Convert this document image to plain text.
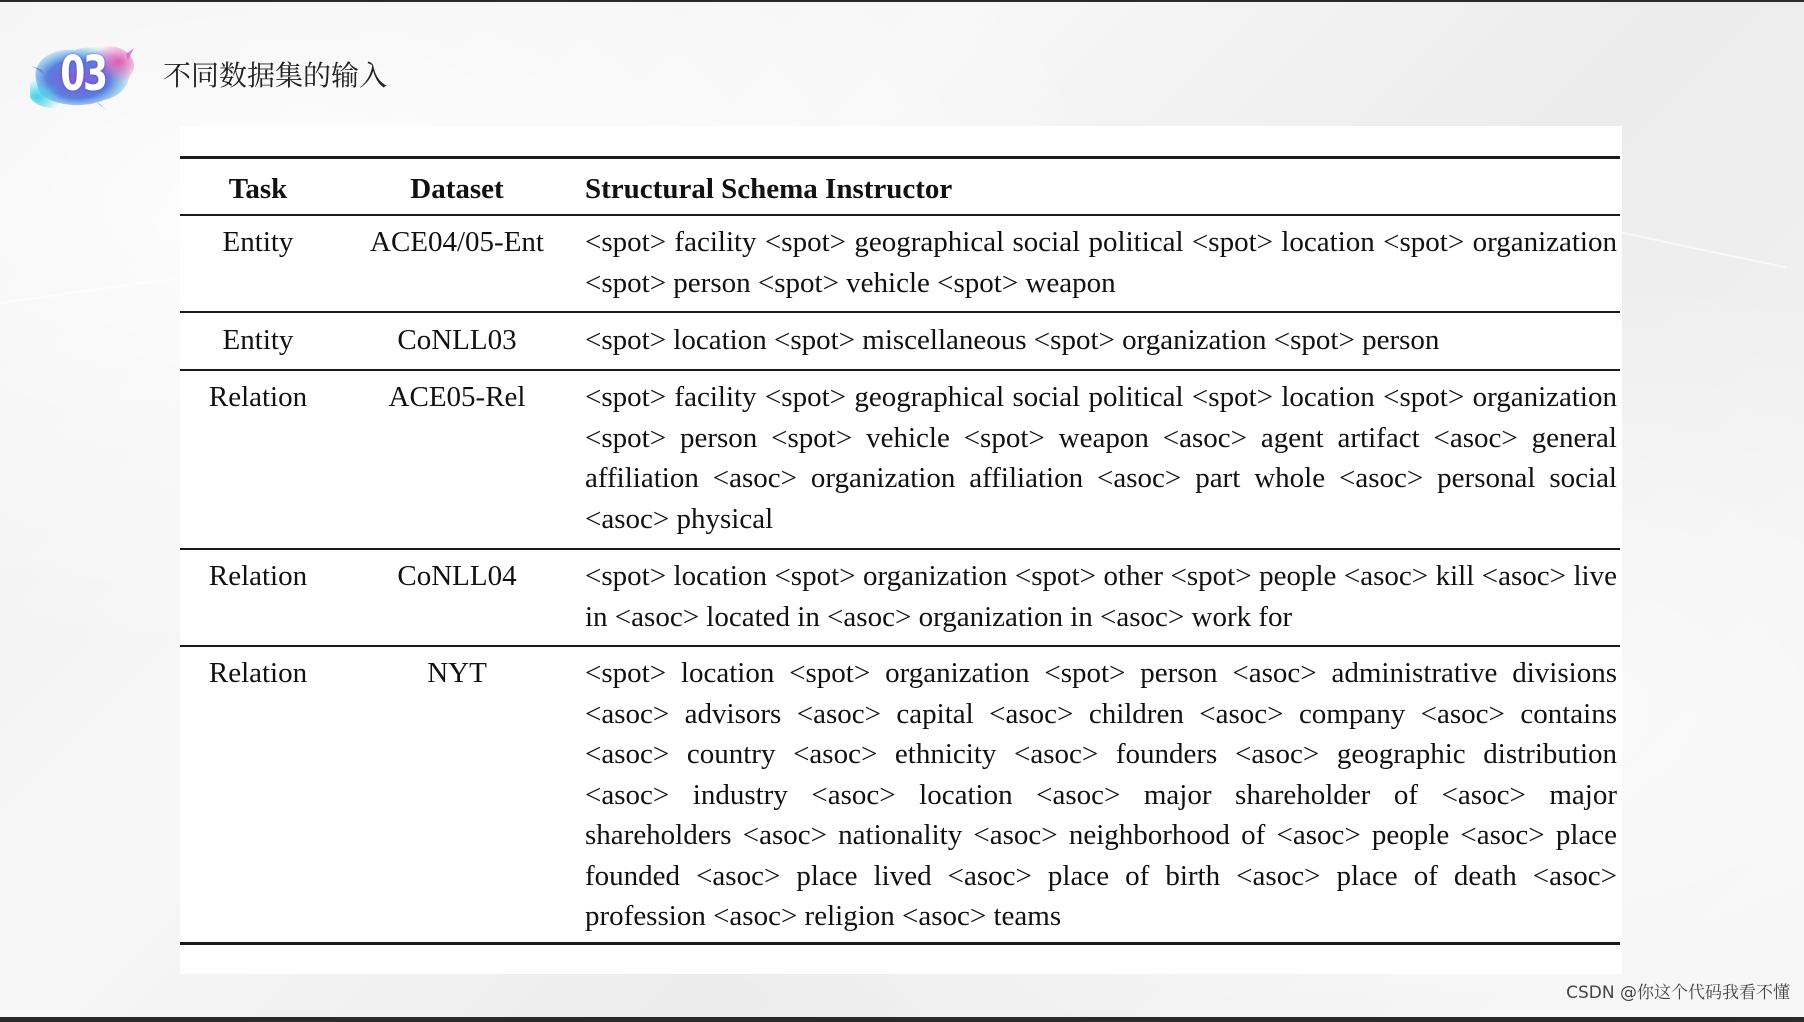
03 不同数据集的输入
Task	Dataset	Structural Schema Instructor
Entity	ACE04/05-Ent	<spot> facility <spot> geographical social political <spot> location <spot> organization <spot> person <spot> vehicle <spot> weapon
Entity	CoNLL03	<spot> location <spot> miscellaneous <spot> organization <spot> person
Relation	ACE05-Rel	<spot> facility <spot> geographical social political <spot> location <spot> organization <spot> person <spot> vehicle <spot> weapon <asoc> agent artifact <asoc> general affiliation <asoc> organization affiliation <asoc> part whole <asoc> personal social <asoc> physical
Relation	CoNLL04	<spot> location <spot> organization <spot> other <spot> people <asoc> kill <asoc> live in <asoc> located in <asoc> organization in <asoc> work for
Relation	NYT	<spot> location <spot> organization <spot> person <asoc> administrative divisions <asoc> advisors <asoc> capital <asoc> children <asoc> company <asoc> contains <asoc> country <asoc> ethnicity <asoc> founders <asoc> geographic distribution <asoc> industry <asoc> location <asoc> major shareholder of <asoc> major shareholders <asoc> nationality <asoc> neighborhood of <asoc> people <asoc> place founded <asoc> place lived <asoc> place of birth <asoc> place of death <asoc> profession <asoc> religion <asoc> teams
CSDN @你这个代码我看不懂
